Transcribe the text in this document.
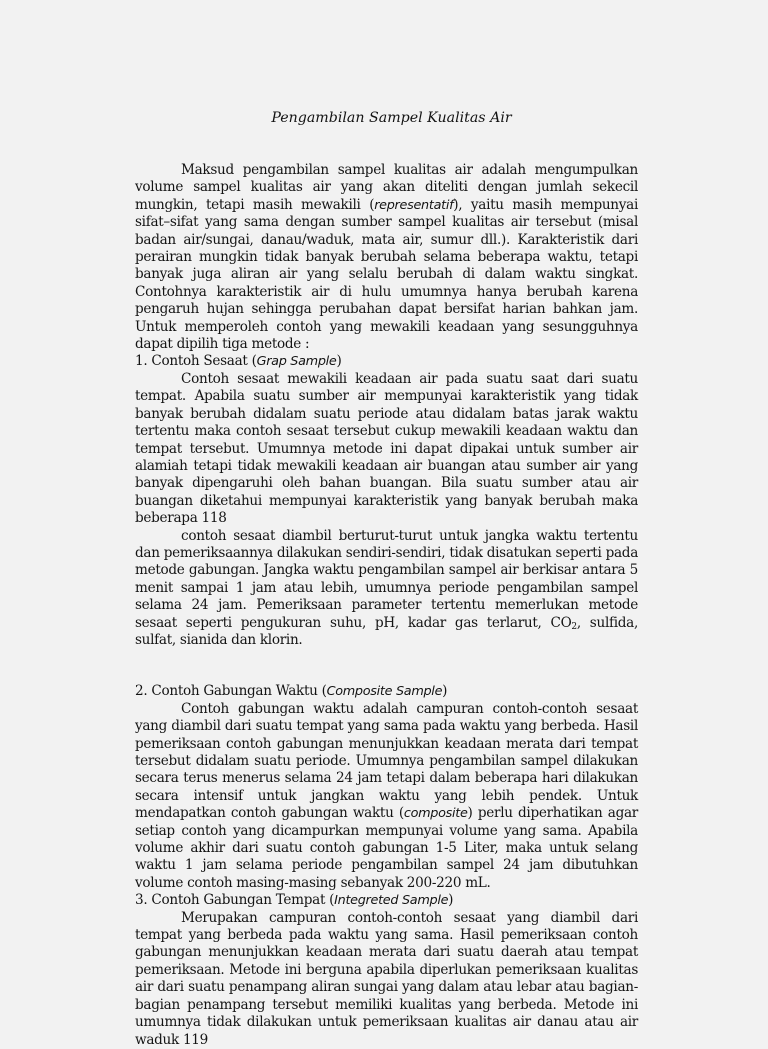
Pengambilan Sampel Kualitas Air

Maksud pengambilan sampel kualitas air adalah mengumpulkan volume sampel kualitas air yang akan diteliti dengan jumlah sekecil mungkin, tetapi masih mewakili (representatif), yaitu masih mempunyai sifat–sifat yang sama dengan sumber sampel kualitas air tersebut (misal badan air/sungai, danau/waduk, mata air, sumur dll.). Karakteristik dari perairan mungkin tidak banyak berubah selama beberapa waktu, tetapi banyak juga aliran air yang selalu berubah di dalam waktu singkat. Contohnya karakteristik air di hulu umumnya hanya berubah karena pengaruh hujan sehingga perubahan dapat bersifat harian bahkan jam. Untuk memperoleh contoh yang mewakili keadaan yang sesungguhnya dapat dipilih tiga metode :

1. Contoh Sesaat (Grap Sample)

Contoh sesaat mewakili keadaan air pada suatu saat dari suatu tempat. Apabila suatu sumber air mempunyai karakteristik yang tidak banyak berubah didalam suatu periode atau didalam batas jarak waktu tertentu maka contoh sesaat tersebut cukup mewakili keadaan waktu dan tempat tersebut. Umumnya metode ini dapat dipakai untuk sumber air alamiah tetapi tidak mewakili keadaan air buangan atau sumber air yang banyak dipengaruhi oleh bahan buangan. Bila suatu sumber atau air buangan diketahui mempunyai karakteristik yang banyak berubah maka beberapa 118

contoh sesaat diambil berturut-turut untuk jangka waktu tertentu dan pemeriksaannya dilakukan sendiri-sendiri, tidak disatukan seperti pada metode gabungan. Jangka waktu pengambilan sampel air berkisar antara 5 menit sampai 1 jam atau lebih, umumnya periode pengambilan sampel selama 24 jam. Pemeriksaan parameter tertentu memerlukan metode sesaat seperti pengukuran suhu, pH, kadar gas terlarut, $CO_2$, sulfida, sulfat, sianida dan klorin.

2. Contoh Gabungan Waktu (Composite Sample)

Contoh gabungan waktu adalah campuran contoh-contoh sesaat yang diambil dari suatu tempat yang sama pada waktu yang berbeda. Hasil pemeriksaan contoh gabungan menunjukkan keadaan merata dari tempat tersebut didalam suatu periode. Umumnya pengambilan sampel dilakukan secara terus menerus selama 24 jam tetapi dalam beberapa hari dilakukan secara intensif untuk jangkan waktu yang lebih pendek. Untuk mendapatkan contoh gabungan waktu (composite) perlu diperhatikan agar setiap contoh yang dicampurkan mempunyai volume yang sama. Apabila volume akhir dari suatu contoh gabungan 1-5 Liter, maka untuk selang waktu 1 jam selama periode pengambilan sampel 24 jam dibutuhkan volume contoh masing-masing sebanyak 200-220 mL.

3. Contoh Gabungan Tempat (Integreted Sample)

Merupakan campuran contoh-contoh sesaat yang diambil dari tempat yang berbeda pada waktu yang sama. Hasil pemeriksaan contoh gabungan menunjukkan keadaan merata dari suatu daerah atau tempat pemeriksaan. Metode ini berguna apabila diperlukan pemeriksaan kualitas air dari suatu penampang aliran sungai yang dalam atau lebar atau bagian-bagian penampang tersebut memiliki kualitas yang berbeda. Metode ini umumnya tidak dilakukan untuk pemeriksaan kualitas air danau atau air waduk 119
